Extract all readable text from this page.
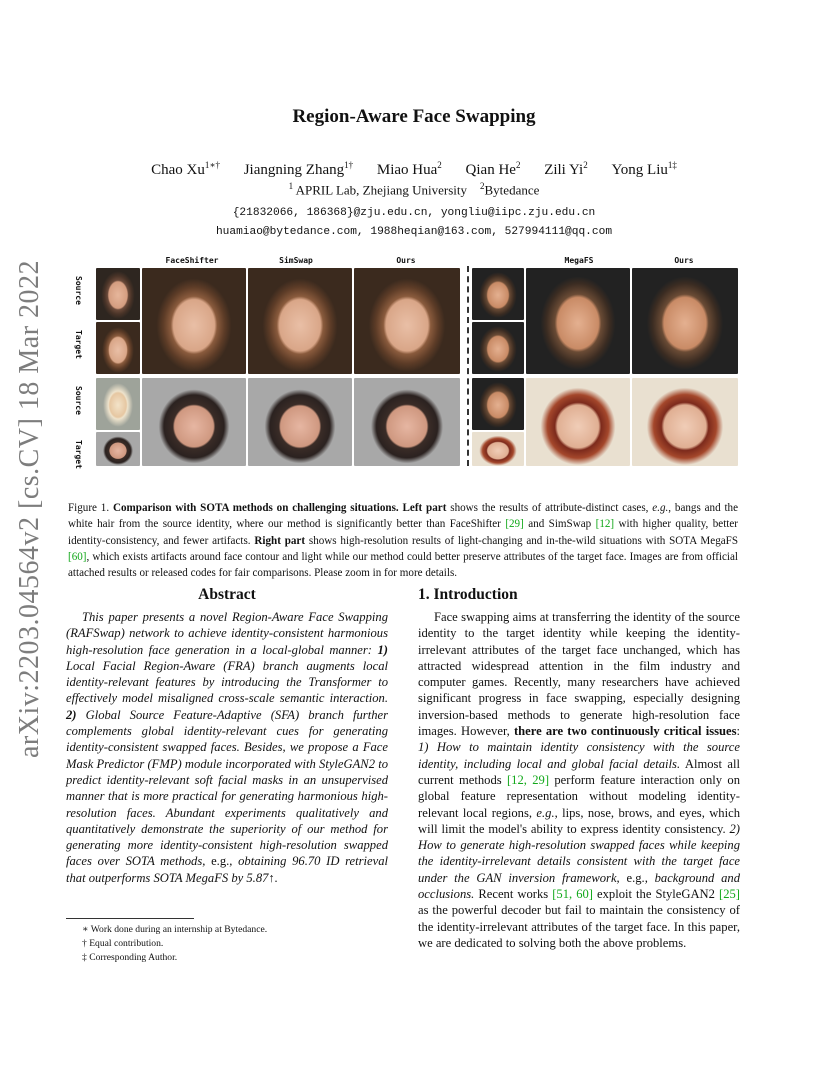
arXiv:2203.04564v2 [cs.CV] 18 Mar 2022
Region-Aware Face Swapping
Chao $Xu^{1∗\dagger}$ Jiangning Zhang$^{1\dagger}$ Miao Hua$^2$ Qian He$^2$ Zili Yi$^2$ Yong Liu$^{1\ddagger}$
$^1$ APRIL Lab, Zhejiang University $^2$Bytedance
{21832066, 186368}@zju.edu.cn, yongliu@iipc.zju.edu.cn
huamiao@bytedance.com, 1988heqian@163.com, 527994111@qq.com
FaceShifter	SimSwap	Ours	MegaFS	Ours
Source
Target
Source
Target
Figure 1. Comparison with SOTA methods on challenging situations. Left part shows the results of attribute-distinct cases, e.g., bangs and the white hair from the source identity, where our method is significantly better than FaceShifter [29] and SimSwap [12] with higher quality, better identity-consistency, and fewer artifacts. Right part shows high-resolution results of light-changing and in-the-wild situations with SOTA MegaFS [60], which exists artifacts around face contour and light while our method could better preserve attributes of the target face. Images are from official attached results or released codes for fair comparisons. Please zoom in for more details.
Abstract

This paper presents a novel Region-Aware Face Swapping (RAFSwap) network to achieve identity-consistent harmonious high-resolution face generation in a local-global manner: 1) Local Facial Region-Aware (FRA) branch augments local identity-relevant features by introducing the Transformer to effectively model misaligned cross-scale semantic interaction. 2) Global Source Feature-Adaptive (SFA) branch further complements global identity-relevant cues for generating identity-consistent swapped faces. Besides, we propose a Face Mask Predictor (FMP) module incorporated with StyleGAN2 to predict identity-relevant soft facial masks in an unsupervised manner that is more practical for generating harmonious high-resolution faces. Abundant experiments qualitatively and quantitatively demonstrate the superiority of our method for generating more identity-consistent high-resolution swapped faces over SOTA methods, e.g., obtaining 96.70 ID retrieval that outperforms SOTA MegaFS by 5.87↑.

∗ Work done during an internship at Bytedance.
† Equal contribution.
‡ Corresponding Author.
1. Introduction

Face swapping aims at transferring the identity of the source identity to the target identity while keeping the identity-irrelevant attributes of the target face unchanged, which has attracted widespread attention in the film industry and computer games. Recently, many researchers have achieved significant progress in face swapping, especially designing inversion-based methods to generate high-resolution face images. However, there are two continuously critical issues: 1) How to maintain identity consistency with the source identity, including local and global facial details. Almost all current methods [12, 29] perform feature interaction only on global feature representation without modeling identity-relevant local regions, e.g., lips, nose, brows, and eyes, which will limit the model's ability to express identity consistency. 2) How to generate high-resolution swapped faces while keeping the identity-irrelevant details consistent with the target face under the GAN inversion framework, e.g., background and occlusions. Recent works [51, 60] exploit the StyleGAN2 [25] as the powerful decoder but fail to maintain the consistency of the identity-irrelevant attributes of the target face. In this paper, we are dedicated to solving both the above problems.
